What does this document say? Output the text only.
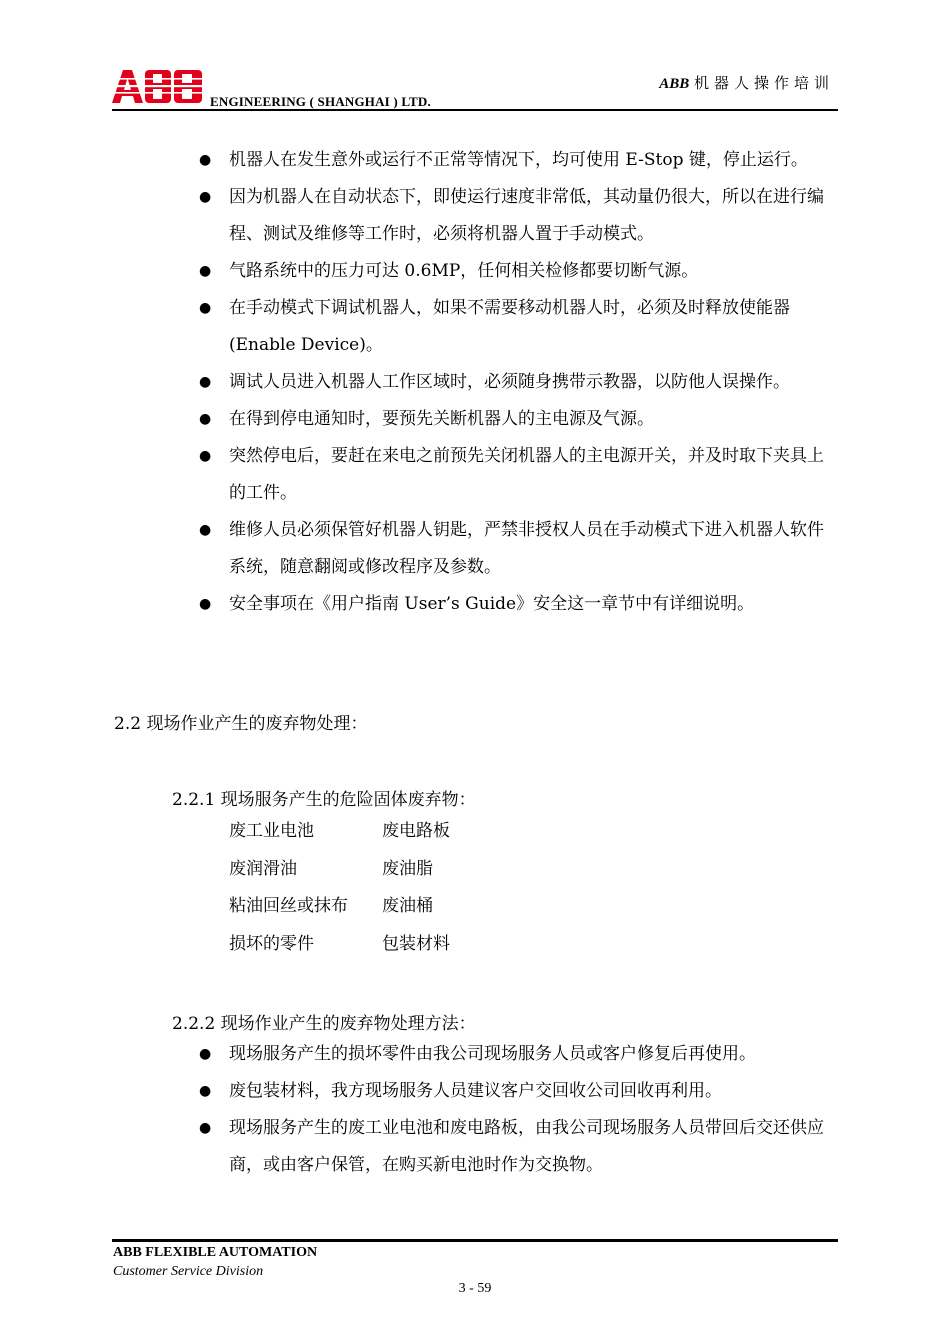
ENGINEERING ( SHANGHAI ) LTD.
ABB 机器人操作培训
● 机器人在发生意外或运行不正常等情况下，均可使用 E-Stop 键，停止运行。
● 因为机器人在自动状态下，即使运行速度非常低，其动量仍很大，所以在进行编程、测试及维修等工作时，必须将机器人置于手动模式。
● 气路系统中的压力可达 0.6MP，任何相关检修都要切断气源。
● 在手动模式下调试机器人，如果不需要移动机器人时，必须及时释放使能器(Enable Device)。
● 调试人员进入机器人工作区域时，必须随身携带示教器，以防他人误操作。
● 在得到停电通知时，要预先关断机器人的主电源及气源。
● 突然停电后，要赶在来电之前预先关闭机器人的主电源开关，并及时取下夹具上的工件。
● 维修人员必须保管好机器人钥匙，严禁非授权人员在手动模式下进入机器人软件系统，随意翻阅或修改程序及参数。
● 安全事项在《用户指南 User’s Guide》安全这一章节中有详细说明。
2.2 现场作业产生的废弃物处理：
2.2.1 现场服务产生的危险固体废弃物：
废工业电池	废电路板
废润滑油	废油脂
粘油回丝或抹布 废油桶
损坏的零件	包装材料
2.2.2 现场作业产生的废弃物处理方法：
● 现场服务产生的损坏零件由我公司现场服务人员或客户修复后再使用。
● 废包装材料，我方现场服务人员建议客户交回收公司回收再利用。
● 现场服务产生的废工业电池和废电路板，由我公司现场服务人员带回后交还供应商，或由客户保管，在购买新电池时作为交换物。
ABB FLEXIBLE AUTOMATION
Customer Service Division
3 - 59
